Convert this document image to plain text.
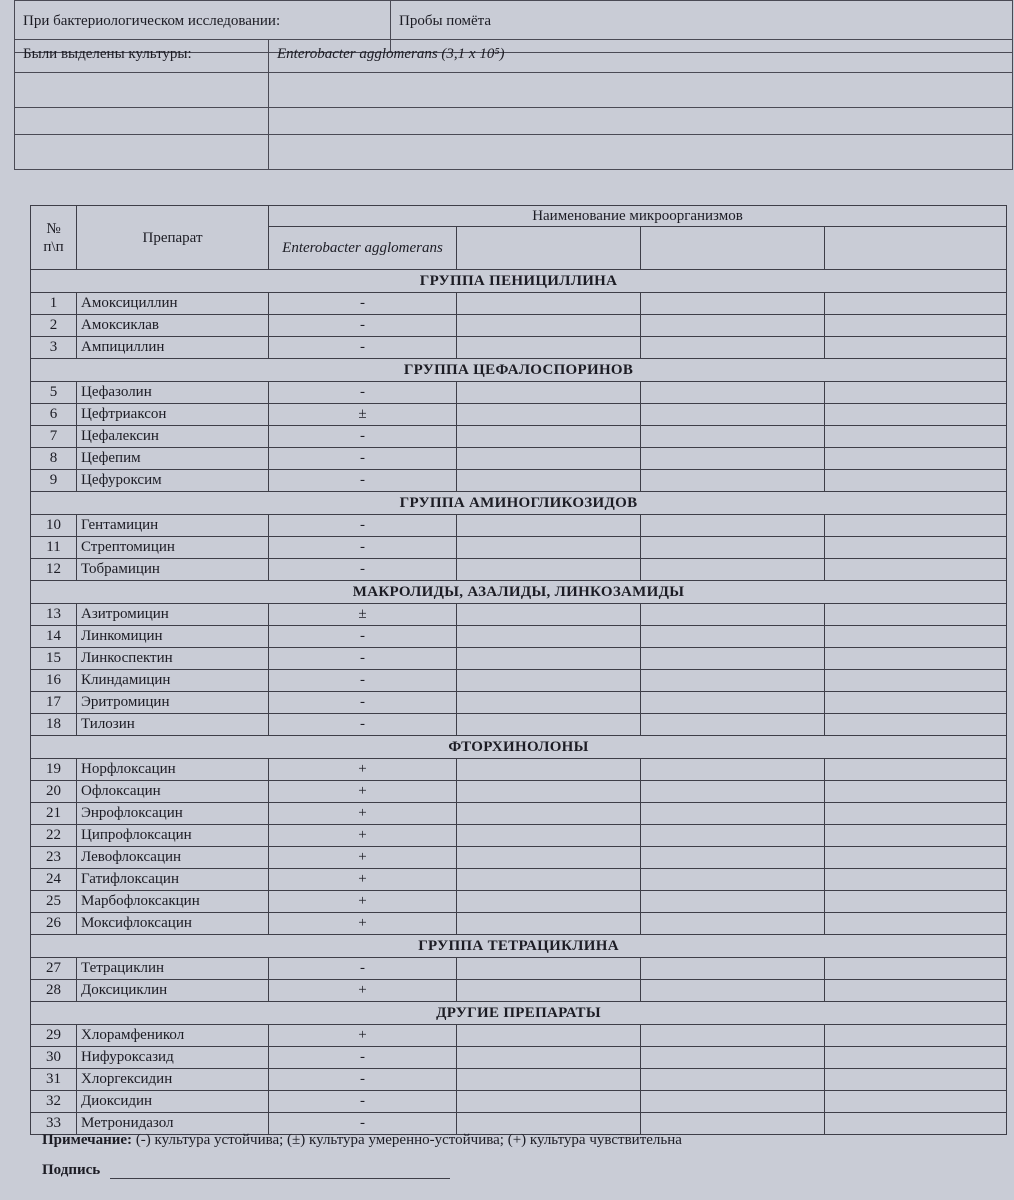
При бактериологическом исследовании:	Пробы помёта
Были выделены культуры:	Enterobacter agglomerans (3,1 x 10⁵)

№ п\п	Препарат	Наименование микроорганизмов			
		Enterobacter agglomerans			
ГРУППА ПЕНИЦИЛЛИНА					
1	Амоксициллин	-			
2	Амоксиклав	-			
3	Ампициллин	-			
ГРУППА ЦЕФАЛОСПОРИНОВ					
5	Цефазолин	-			
6	Цефтриаксон	±			
7	Цефалексин	-			
8	Цефепим	-			
9	Цефуроксим	-			
ГРУППА АМИНОГЛИКОЗИДОВ					
10	Гентамицин	-			
11	Стрептомицин	-			
12	Тобрамицин	-			
МАКРОЛИДЫ, АЗАЛИДЫ, ЛИНКОЗАМИДЫ					
13	Азитромицин	±			
14	Линкомицин	-			
15	Линкоспектин	-			
16	Клиндамицин	-			
17	Эритромицин	-			
18	Тилозин	-			
ФТОРХИНОЛОНЫ					
19	Норфлоксацин	+			
20	Офлоксацин	+			
21	Энрофлоксацин	+			
22	Ципрофлоксацин	+			
23	Левофлоксацин	+			
24	Гатифлоксацин	+			
25	Марбофлоксакцин	+			
26	Моксифлоксацин	+			
ГРУППА ТЕТРАЦИКЛИНА					
27	Тетрациклин	-			
28	Доксициклин	+			
ДРУГИЕ ПРЕПАРАТЫ					
29	Хлорамфеникол	+			
30	Нифуроксазид	-			
31	Хлоргексидин	-			
32	Диоксидин	-			
33	Метронидазол	-			
Примечание: (-) культура устойчива; (±) культура умеренно-устойчива; (+) культура чувствительна
Подпись
